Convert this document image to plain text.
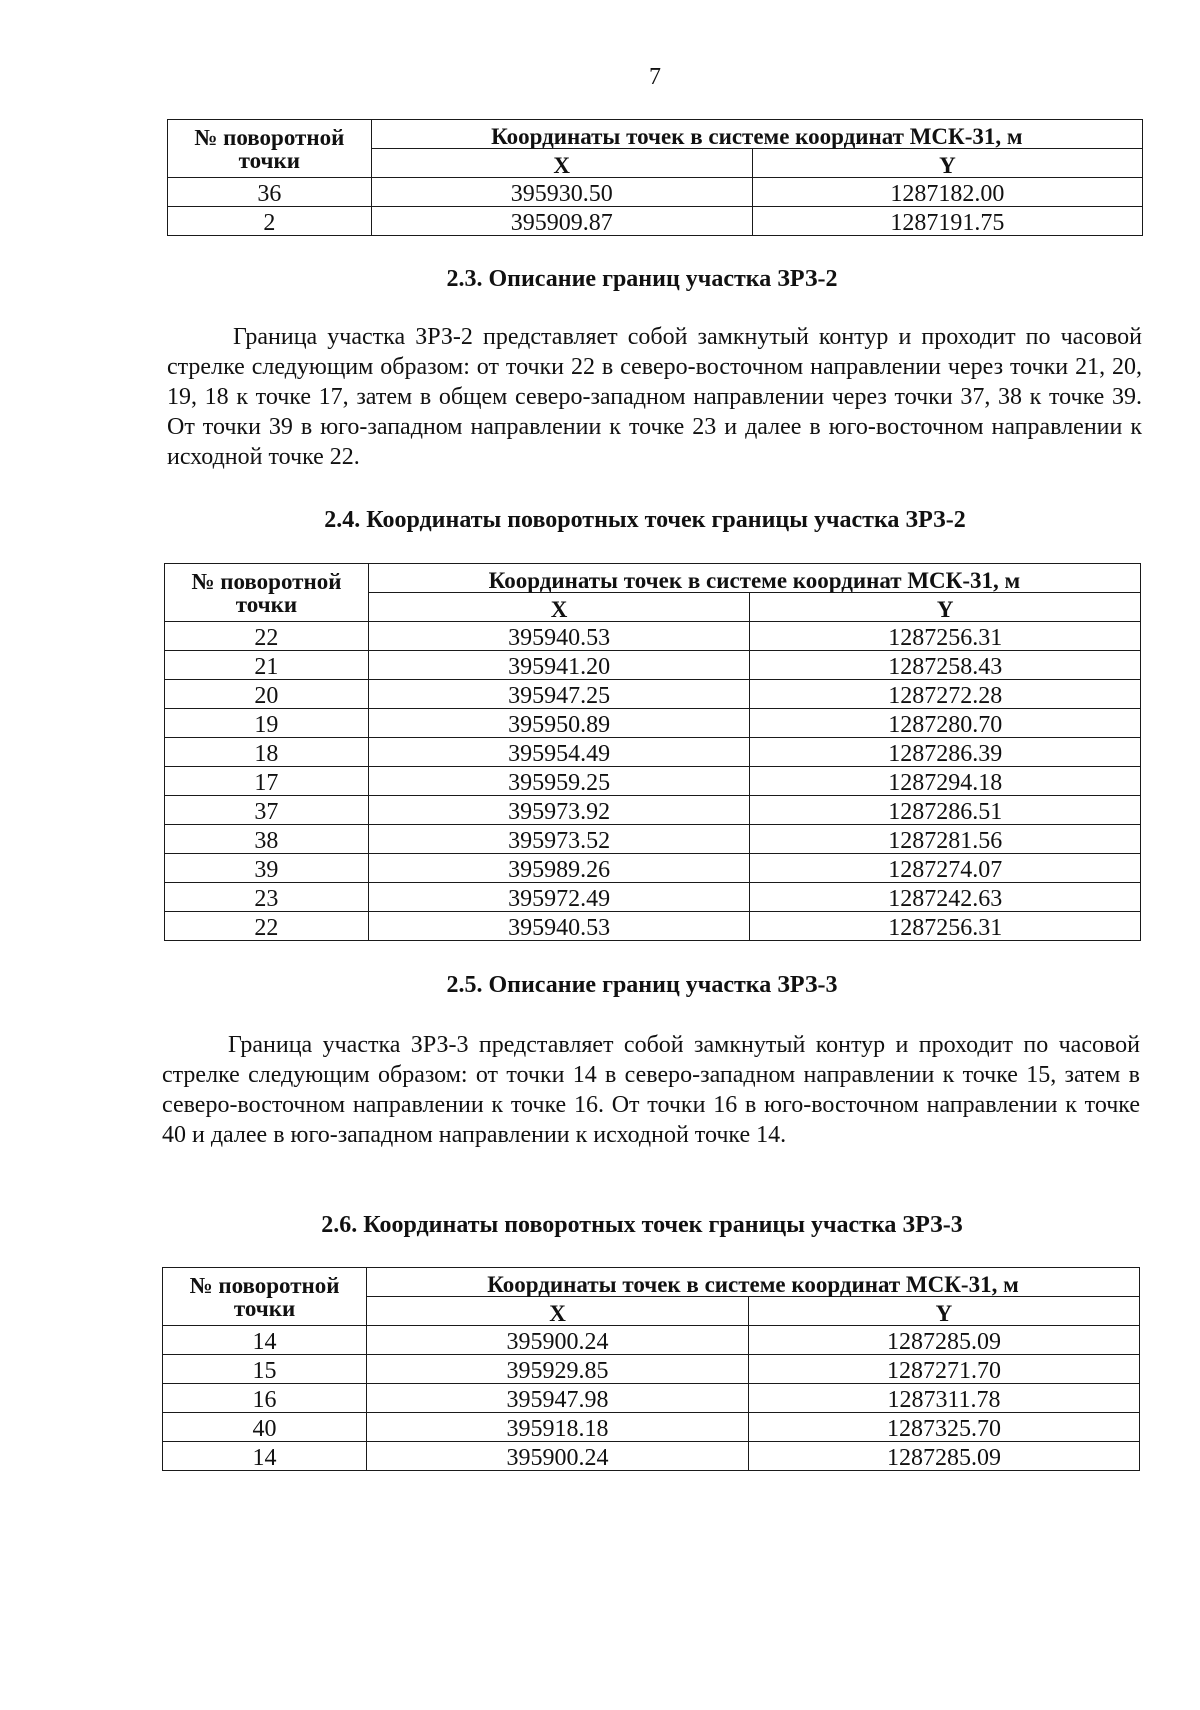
7
№ поворотной точки	Координаты точек в системе координат МСК-31, м	
	X	Y
36	395930.50	1287182.00
2	395909.87	1287191.75
2.3. Описание границ участка ЗРЗ-2
Граница участка ЗРЗ-2 представляет собой замкнутый контур и проходит по часовой стрелке следующим образом: от точки 22 в северо-восточном направлении через точки 21, 20, 19, 18 к точке 17, затем в общем северо-западном направлении через точки 37, 38 к точке 39. От точки 39 в юго-западном направлении к точке 23 и далее в юго-восточном направлении к исходной точке 22.
2.4. Координаты поворотных точек границы участка ЗРЗ-2
№ поворотной точки	Координаты точек в системе координат МСК-31, м	
	X	Y
22	395940.53	1287256.31
21	395941.20	1287258.43
20	395947.25	1287272.28
19	395950.89	1287280.70
18	395954.49	1287286.39
17	395959.25	1287294.18
37	395973.92	1287286.51
38	395973.52	1287281.56
39	395989.26	1287274.07
23	395972.49	1287242.63
22	395940.53	1287256.31
2.5. Описание границ участка ЗРЗ-3
Граница участка ЗРЗ-3 представляет собой замкнутый контур и проходит по часовой стрелке следующим образом: от точки 14 в северо-западном направлении к точке 15, затем в северо-восточном направлении к точке 16. От точки 16 в юго-восточном направлении к точке 40 и далее в юго-западном направлении к исходной точке 14.
2.6. Координаты поворотных точек границы участка ЗРЗ-3
№ поворотной точки	Координаты точек в системе координат МСК-31, м	
	X	Y
14	395900.24	1287285.09
15	395929.85	1287271.70
16	395947.98	1287311.78
40	395918.18	1287325.70
14	395900.24	1287285.09
